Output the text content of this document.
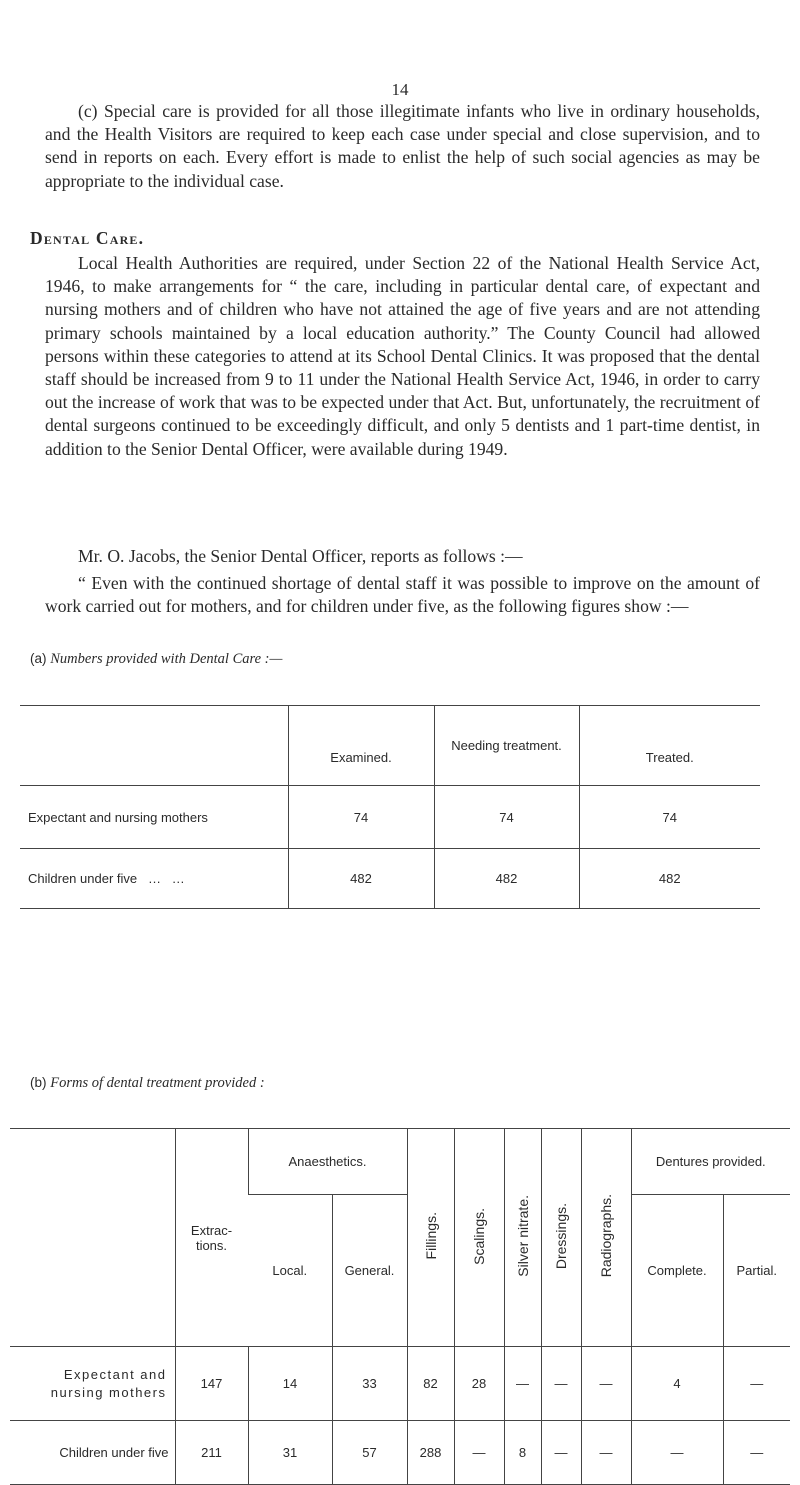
14

(c) Special care is provided for all those illegitimate infants who live in ordinary households, and the Health Visitors are required to keep each case under special and close supervision, and to send in reports on each. Every effort is made to enlist the help of such social agencies as may be appropriate to the individual case.

Dental Care.

Local Health Authorities are required, under Section 22 of the National Health Service Act, 1946, to make arrangements for “ the care, including in particular dental care, of expectant and nursing mothers and of children who have not attained the age of five years and are not attending primary schools maintained by a local education authority.” The County Council had allowed persons within these categories to attend at its School Dental Clinics. It was proposed that the dental staff should be increased from 9 to 11 under the National Health Service Act, 1946, in order to carry out the increase of work that was to be expected under that Act. But, unfortunately, the recruitment of dental surgeons continued to be exceedingly difficult, and only 5 dentists and 1 part-time dentist, in addition to the Senior Dental Officer, were available during 1949.

Mr. O. Jacobs, the Senior Dental Officer, reports as follows :—

“ Even with the continued shortage of dental staff it was possible to improve on the amount of work carried out for mothers, and for children under five, as the following figures show :—

(a) Numbers provided with Dental Care :—

	Examined.	Needing treatment.	Treated.
Expectant and nursing mothers	74	74	74
Children under five   …   …	482	482	482

(b) Forms of dental treatment provided :

	Extrac- tions.	Anaesthetics.		Fillings.	Scalings.	Silver nitrate.	Dressings.	Radiographs.	Dentures provided.	
		Local.	General.						Complete.	Partial.
Expectant and nursing mothers	147	14	33	82	28	—	—	—	4	—
Children under five	211	31	57	288	—	8	—	—	—	—
